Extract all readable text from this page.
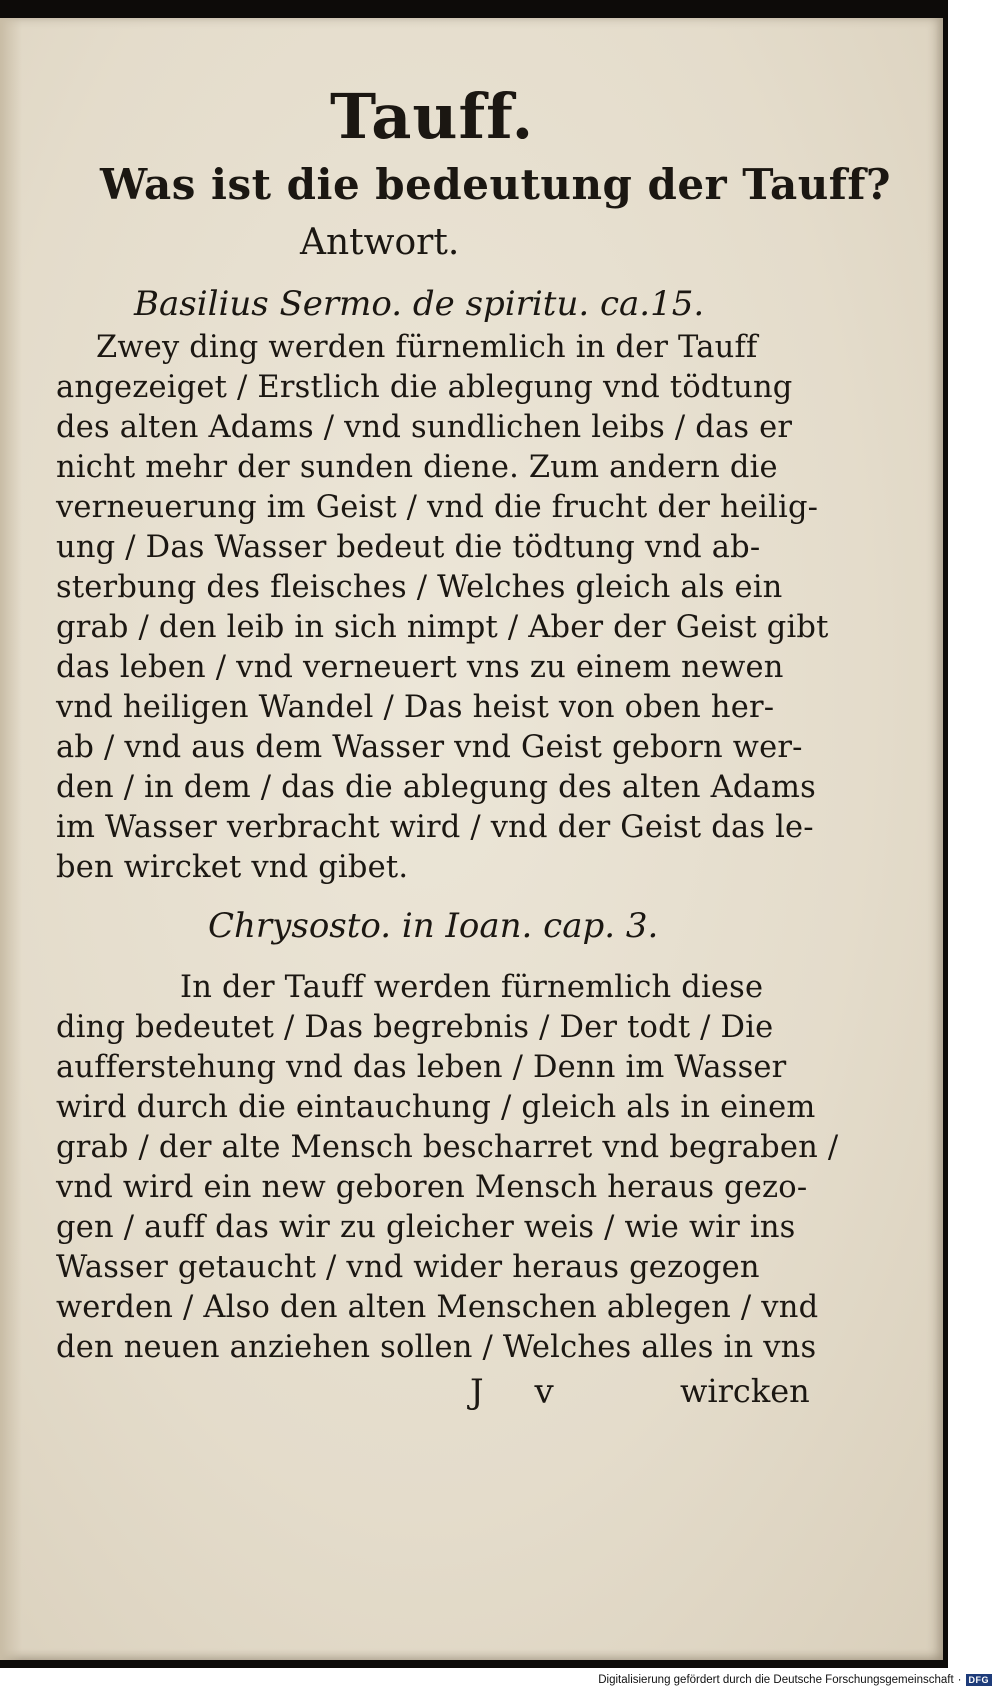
Tauff.
Was ist die bedeutung der Tauff?
Antwort.
Basilius Sermo. de spiritu. ca.15.
Zwey ding werden fürnemlich in der Tauff
angezeiget / Erstlich die ablegung vnd tödtung
des alten Adams / vnd sundlichen leibs / das er
nicht mehr der sunden diene. Zum andern die
verneuerung im Geist / vnd die frucht der heilig-
ung / Das Wasser bedeut die tödtung vnd ab-
sterbung des fleisches / Welches gleich als ein
grab / den leib in sich nimpt / Aber der Geist gibt
das leben / vnd verneuert vns zu einem newen
vnd heiligen Wandel / Das heist von oben her-
ab / vnd aus dem Wasser vnd Geist geborn wer-
den / in dem / das die ablegung des alten Adams
im Wasser verbracht wird / vnd der Geist das le-
ben wircket vnd gibet.
Chrysosto. in Ioan. cap. 3.
In der Tauff werden fürnemlich diese
ding bedeutet / Das begrebnis / Der todt / Die
aufferstehung vnd das leben / Denn im Wasser
wird durch die eintauchung / gleich als in einem
grab / der alte Mensch bescharret vnd begraben /
vnd wird ein new geboren Mensch heraus gezo-
gen / auff das wir zu gleicher weis / wie wir ins
Wasser getaucht / vnd wider heraus gezogen
werden / Also den alten Menschen ablegen / vnd
den neuen anziehen sollen / Welches alles in vns
J v	wircken
Digitalisierung gefördert durch die Deutsche Forschungsgemeinschaft · DFG
